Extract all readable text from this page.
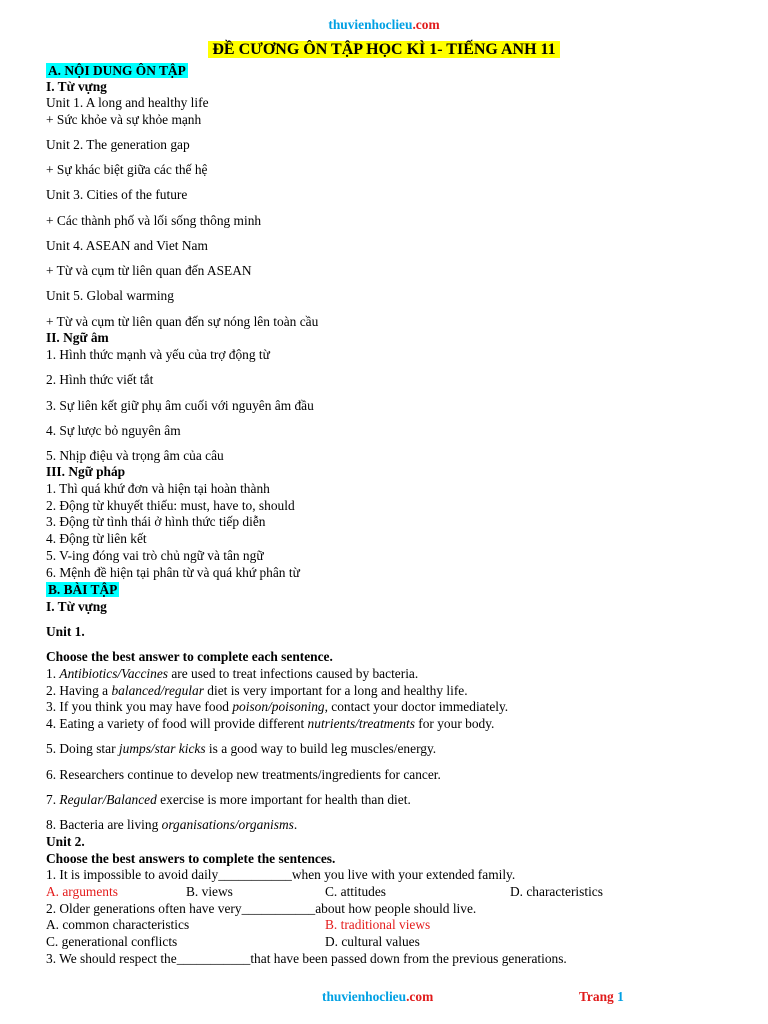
thuvienhoclieu.com
ĐỀ CƯƠNG ÔN TẬP HỌC KÌ 1- TIẾNG ANH 11
A. NỘI DUNG ÔN TẬP
I. Từ vựng
Unit 1. A long and healthy life
+ Sức khỏe và sự khỏe mạnh
Unit 2. The generation gap
+ Sự khác biệt giữa các thế hệ
Unit 3. Cities of the future
+ Các thành phố và lối sống thông minh
Unit 4. ASEAN and Viet Nam
+ Từ và cụm từ liên quan đến ASEAN
Unit 5. Global warming
+ Từ và cụm từ liên quan đến sự nóng lên toàn cầu
II. Ngữ âm
1. Hình thức mạnh và yếu của trợ động từ
2. Hình thức viết tắt
3. Sự liên kết giữ phụ âm cuối với nguyên âm đầu
4. Sự lược bỏ nguyên âm
5. Nhịp điệu và trọng âm của câu
III. Ngữ pháp
1. Thì quá khứ đơn và hiện tại hoàn thành
2. Động từ khuyết thiếu: must, have to, should
3. Động từ tình thái ở hình thức tiếp diễn
4. Động từ liên kết
5. V-ing đóng vai trò chủ ngữ và tân ngữ
6. Mệnh đề hiện tại phân từ và quá khứ phân từ
B. BÀI TẬP
I. Từ vựng
Unit 1.
Choose the best answer to complete each sentence.
1. Antibiotics/Vaccines are used to treat infections caused by bacteria.
2. Having a balanced/regular diet is very important for a long and healthy life.
3. If you think you may have food poison/poisoning, contact your doctor immediately.
4. Eating a variety of food will provide different nutrients/treatments for your body.
5. Doing star jumps/star kicks is a good way to build leg muscles/energy.
6. Researchers continue to develop new treatments/ingredients for cancer.
7. Regular/Balanced exercise is more important for health than diet.
8. Bacteria are living organisations/organisms.
Unit 2.
Choose the best answers to complete the sentences.
1. It is impossible to avoid daily___________when you live with your extended family.
A. arguments	B. views	C. attitudes	D. characteristics
2. Older generations often have very___________about how people should live.
A. common characteristics	B. traditional views
C. generational conflicts	D. cultural values
3. We should respect the___________that have been passed down from the previous generations.
thuvienhoclieu.com	Trang 1
